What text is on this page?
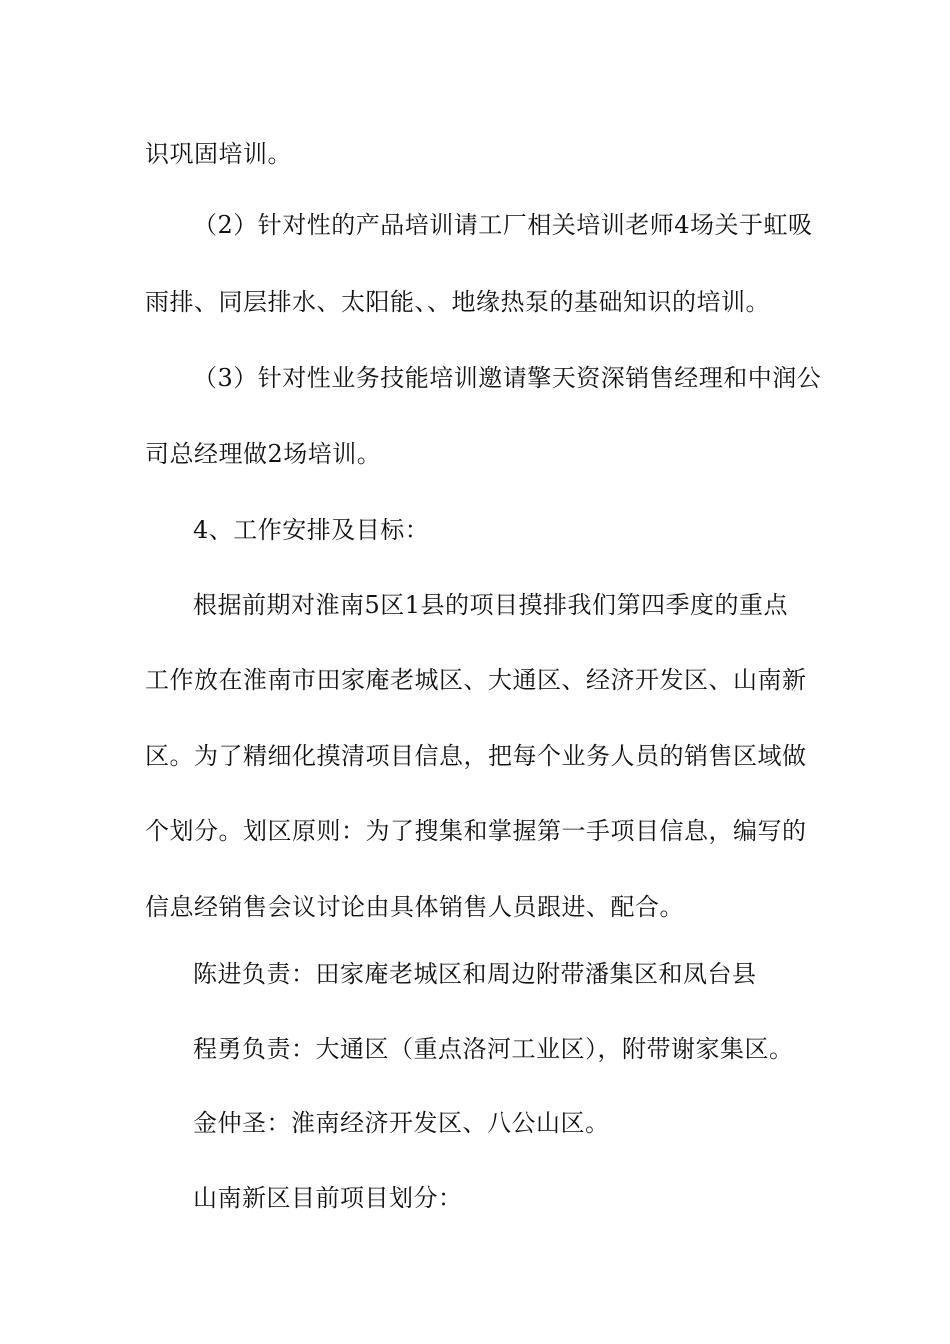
识巩固培训。
（2）针对性的产品培训请工厂相关培训老师4场关于虹吸
雨排、同层排水、太阳能、、地缘热泵的基础知识的培训。
（3）针对性业务技能培训邀请擎天资深销售经理和中润公
司总经理做2场培训。
4、工作安排及目标：
根据前期对淮南5区1县的项目摸排我们第四季度的重点
工作放在淮南市田家庵老城区、大通区、经济开发区、山南新
区。为了精细化摸清项目信息，把每个业务人员的销售区域做
个划分。划区原则：为了搜集和掌握第一手项目信息，编写的
信息经销售会议讨论由具体销售人员跟进、配合。
陈进负责：田家庵老城区和周边附带潘集区和凤台县
程勇负责：大通区（重点洛河工业区），附带谢家集区。
金仲圣：淮南经济开发区、八公山区。
山南新区目前项目划分：
